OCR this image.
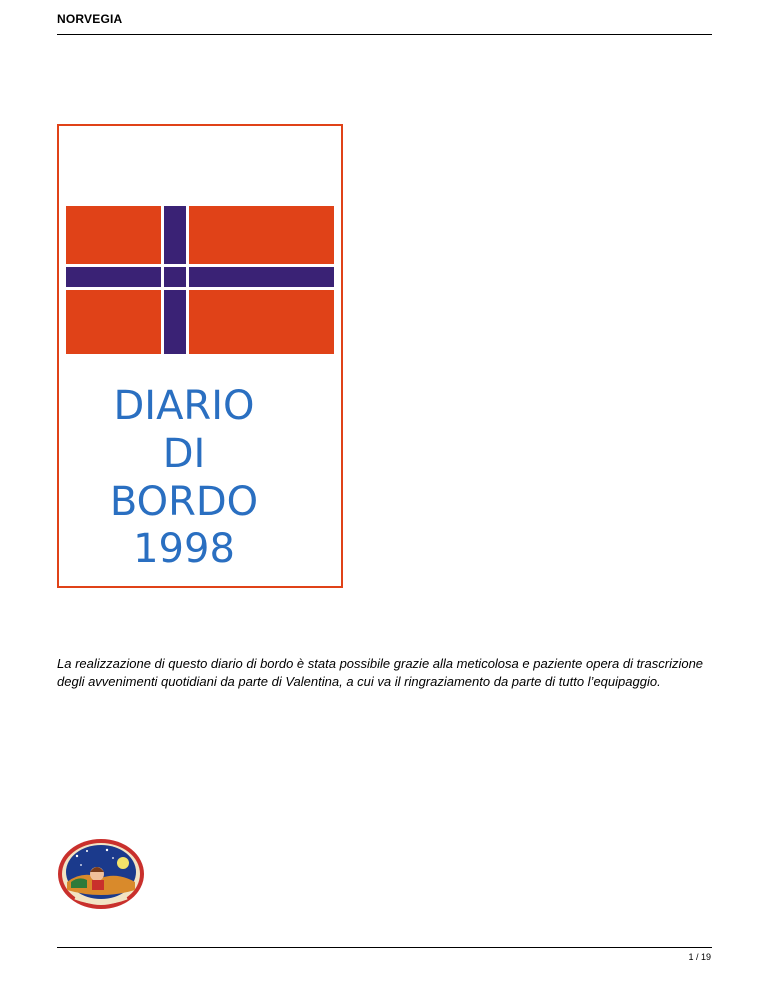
NORVEGIA
DIARIO
DI
BORDO
1998
La realizzazione di questo diario di bordo è stata possibile grazie alla meticolosa e paziente opera di trascrizione degli avvenimenti quotidiani da parte di Valentina, a cui va il ringraziamento da parte di tutto l’equipaggio.
1 / 19
